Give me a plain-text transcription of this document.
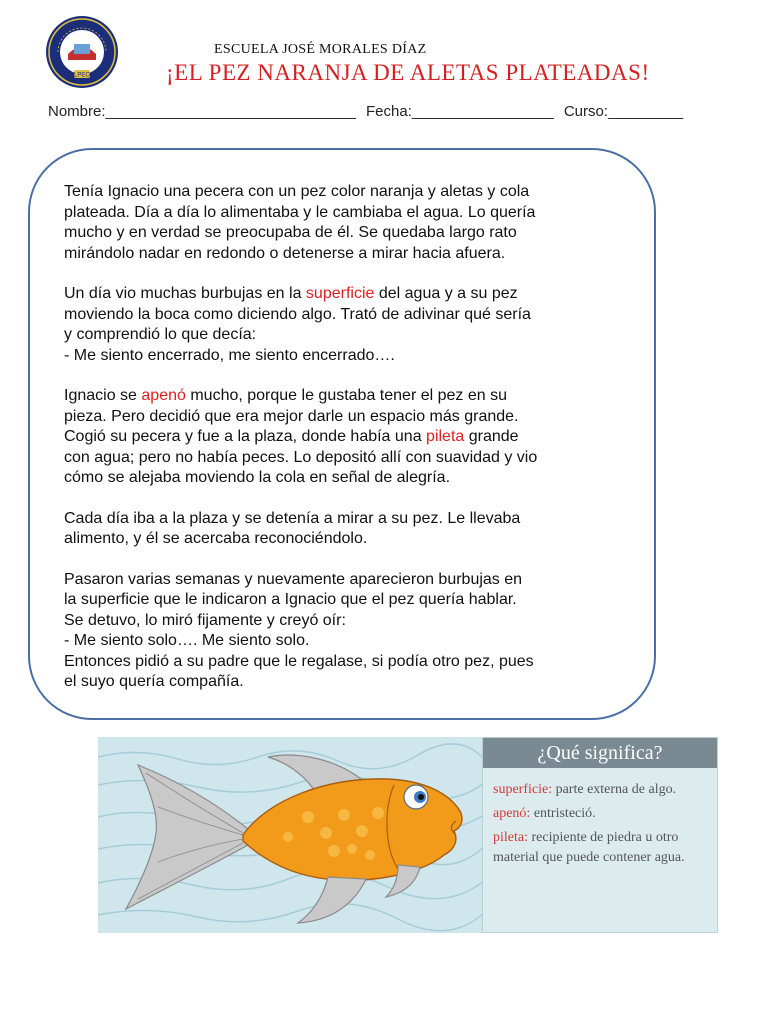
LPEO
ESCUELA JOSÉ MORALES DÍAZ
¡EL PEZ NARANJA DE ALETAS PLATEADAS!
Nombre:______________________________ Fecha:_________________ Curso:_________

Tenía Ignacio una pecera con un pez color naranja y aletas y cola
plateada. Día a día lo alimentaba y le cambiaba el agua. Lo quería
mucho y en verdad se preocupaba de él. Se quedaba largo rato
mirándolo nadar en redondo o detenerse a mirar hacia afuera.

Un día vio muchas burbujas en la superficie del agua y a su pez
moviendo la boca como diciendo algo. Trató de adivinar qué sería
y comprendió lo que decía:
- Me siento encerrado, me siento encerrado….

Ignacio se apenó mucho, porque le gustaba tener el pez en su
pieza. Pero decidió que era mejor darle un espacio más grande.
Cogió su pecera y fue a la plaza, donde había una pileta grande
con agua; pero no había peces. Lo depositó allí con suavidad y vio
cómo se alejaba moviendo la cola en señal de alegría.

Cada día iba a la plaza y se detenía a mirar a su pez. Le llevaba
alimento, y él se acercaba reconociéndolo.

Pasaron varias semanas y nuevamente aparecieron burbujas en
la superficie que le indicaron a Ignacio que el pez quería hablar.
Se detuvo, lo miró fijamente y creyó oír:
- Me siento solo…. Me siento solo.
Entonces pidió a su padre que le regalase, si podía otro pez, pues
el suyo quería compañía.

¿Qué significa?

superficie: parte externa de algo.

apenó: entristeció.

pileta: recipiente de piedra u otro material que puede contener agua.
